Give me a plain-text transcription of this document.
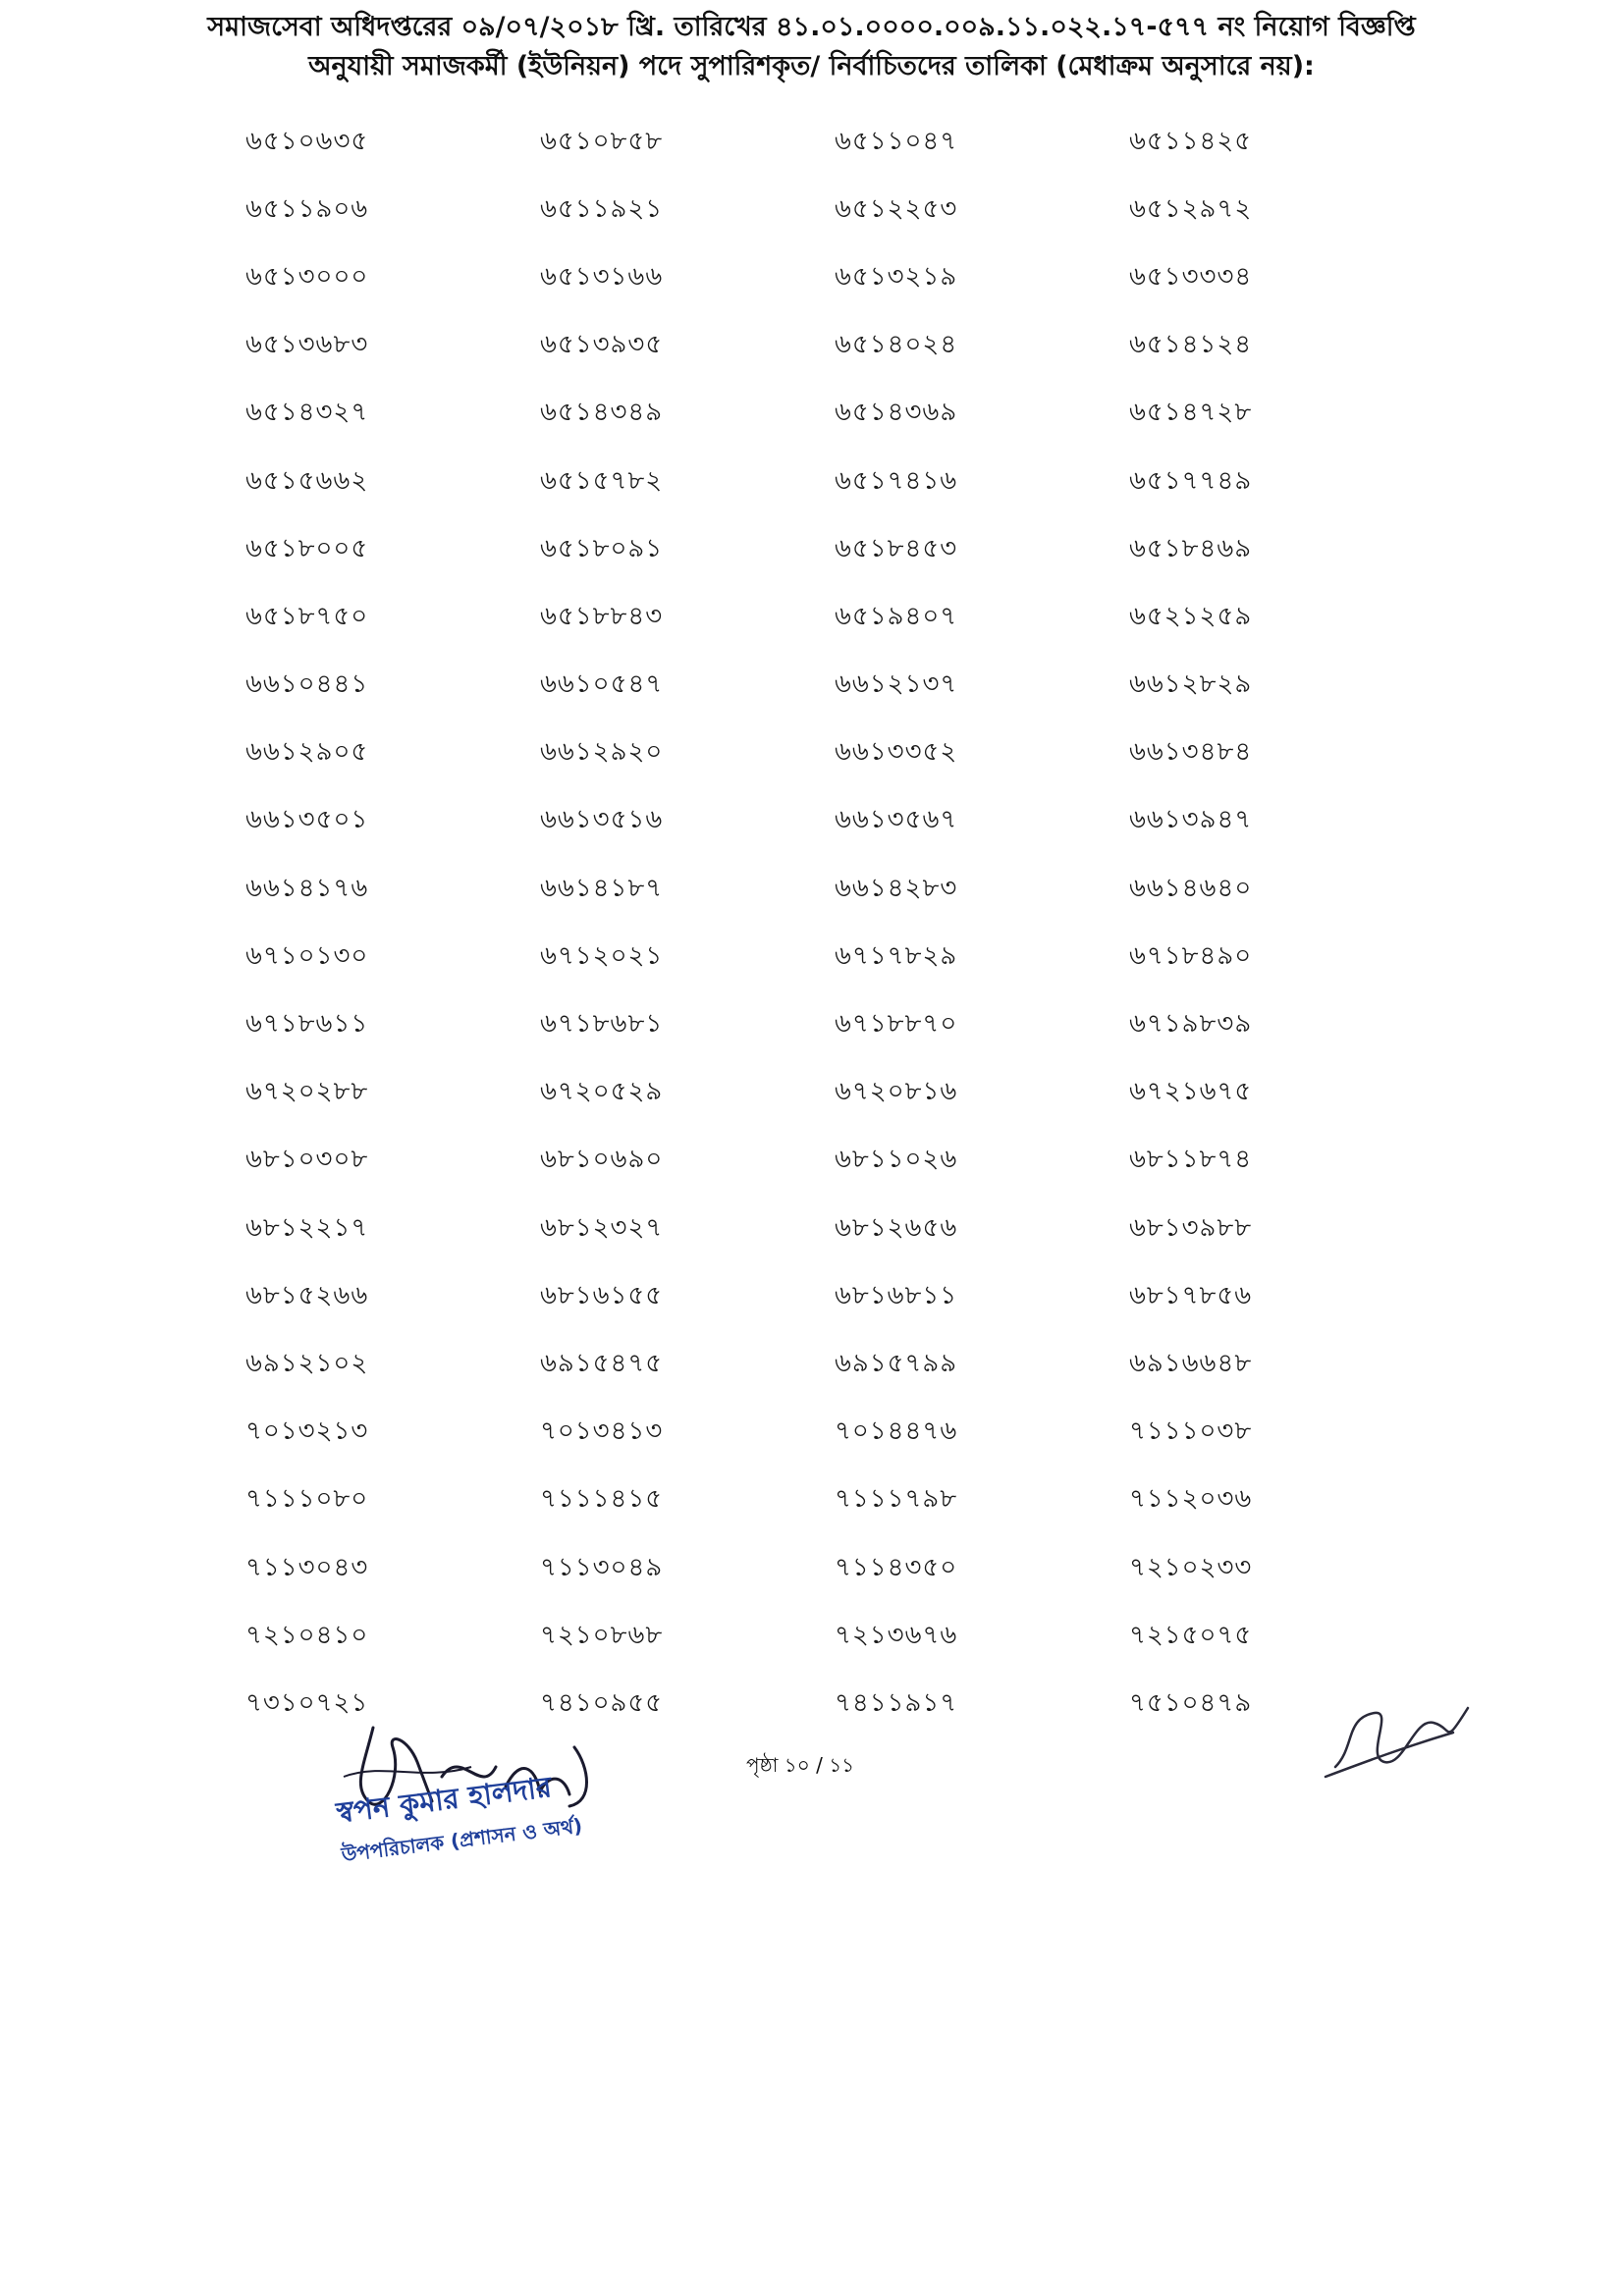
সমাজসেবা অধিদপ্তরের ০৯/০৭/২০১৮ খ্রি. তারিখের ৪১.০১.০০০০.০০৯.১১.০২২.১৭-৫৭৭ নং নিয়োগ বিজ্ঞপ্তি
অনুযায়ী সমাজকর্মী (ইউনিয়ন) পদে সুপারিশকৃত/ নির্বাচিতদের তালিকা (মেধাক্রম অনুসারে নয়):
৬৫১০৬৩৫	৬৫১০৮৫৮	৬৫১১০৪৭	৬৫১১৪২৫
৬৫১১৯০৬	৬৫১১৯২১	৬৫১২২৫৩	৬৫১২৯৭২
৬৫১৩০০০	৬৫১৩১৬৬	৬৫১৩২১৯	৬৫১৩৩৩৪
৬৫১৩৬৮৩	৬৫১৩৯৩৫	৬৫১৪০২৪	৬৫১৪১২৪
৬৫১৪৩২৭	৬৫১৪৩৪৯	৬৫১৪৩৬৯	৬৫১৪৭২৮
৬৫১৫৬৬২	৬৫১৫৭৮২	৬৫১৭৪১৬	৬৫১৭৭৪৯
৬৫১৮০০৫	৬৫১৮০৯১	৬৫১৮৪৫৩	৬৫১৮৪৬৯
৬৫১৮৭৫০	৬৫১৮৮৪৩	৬৫১৯৪০৭	৬৫২১২৫৯
৬৬১০৪৪১	৬৬১০৫৪৭	৬৬১২১৩৭	৬৬১২৮২৯
৬৬১২৯০৫	৬৬১২৯২০	৬৬১৩৩৫২	৬৬১৩৪৮৪
৬৬১৩৫০১	৬৬১৩৫১৬	৬৬১৩৫৬৭	৬৬১৩৯৪৭
৬৬১৪১৭৬	৬৬১৪১৮৭	৬৬১৪২৮৩	৬৬১৪৬৪০
৬৭১০১৩০	৬৭১২০২১	৬৭১৭৮২৯	৬৭১৮৪৯০
৬৭১৮৬১১	৬৭১৮৬৮১	৬৭১৮৮৭০	৬৭১৯৮৩৯
৬৭২০২৮৮	৬৭২০৫২৯	৬৭২০৮১৬	৬৭২১৬৭৫
৬৮১০৩০৮	৬৮১০৬৯০	৬৮১১০২৬	৬৮১১৮৭৪
৬৮১২২১৭	৬৮১২৩২৭	৬৮১২৬৫৬	৬৮১৩৯৮৮
৬৮১৫২৬৬	৬৮১৬১৫৫	৬৮১৬৮১১	৬৮১৭৮৫৬
৬৯১২১০২	৬৯১৫৪৭৫	৬৯১৫৭৯৯	৬৯১৬৬৪৮
৭০১৩২১৩	৭০১৩৪১৩	৭০১৪৪৭৬	৭১১১০৩৮
৭১১১০৮০	৭১১১৪১৫	৭১১১৭৯৮	৭১১২০৩৬
৭১১৩০৪৩	৭১১৩০৪৯	৭১১৪৩৫০	৭২১০২৩৩
৭২১০৪১০	৭২১০৮৬৮	৭২১৩৬৭৬	৭২১৫০৭৫
৭৩১০৭২১	৭৪১০৯৫৫	৭৪১১৯১৭	৭৫১০৪৭৯
স্বপন কুমার হালদার
উপপরিচালক (প্রশাসন ও অর্থ)
পৃষ্ঠা ১০ / ১১
